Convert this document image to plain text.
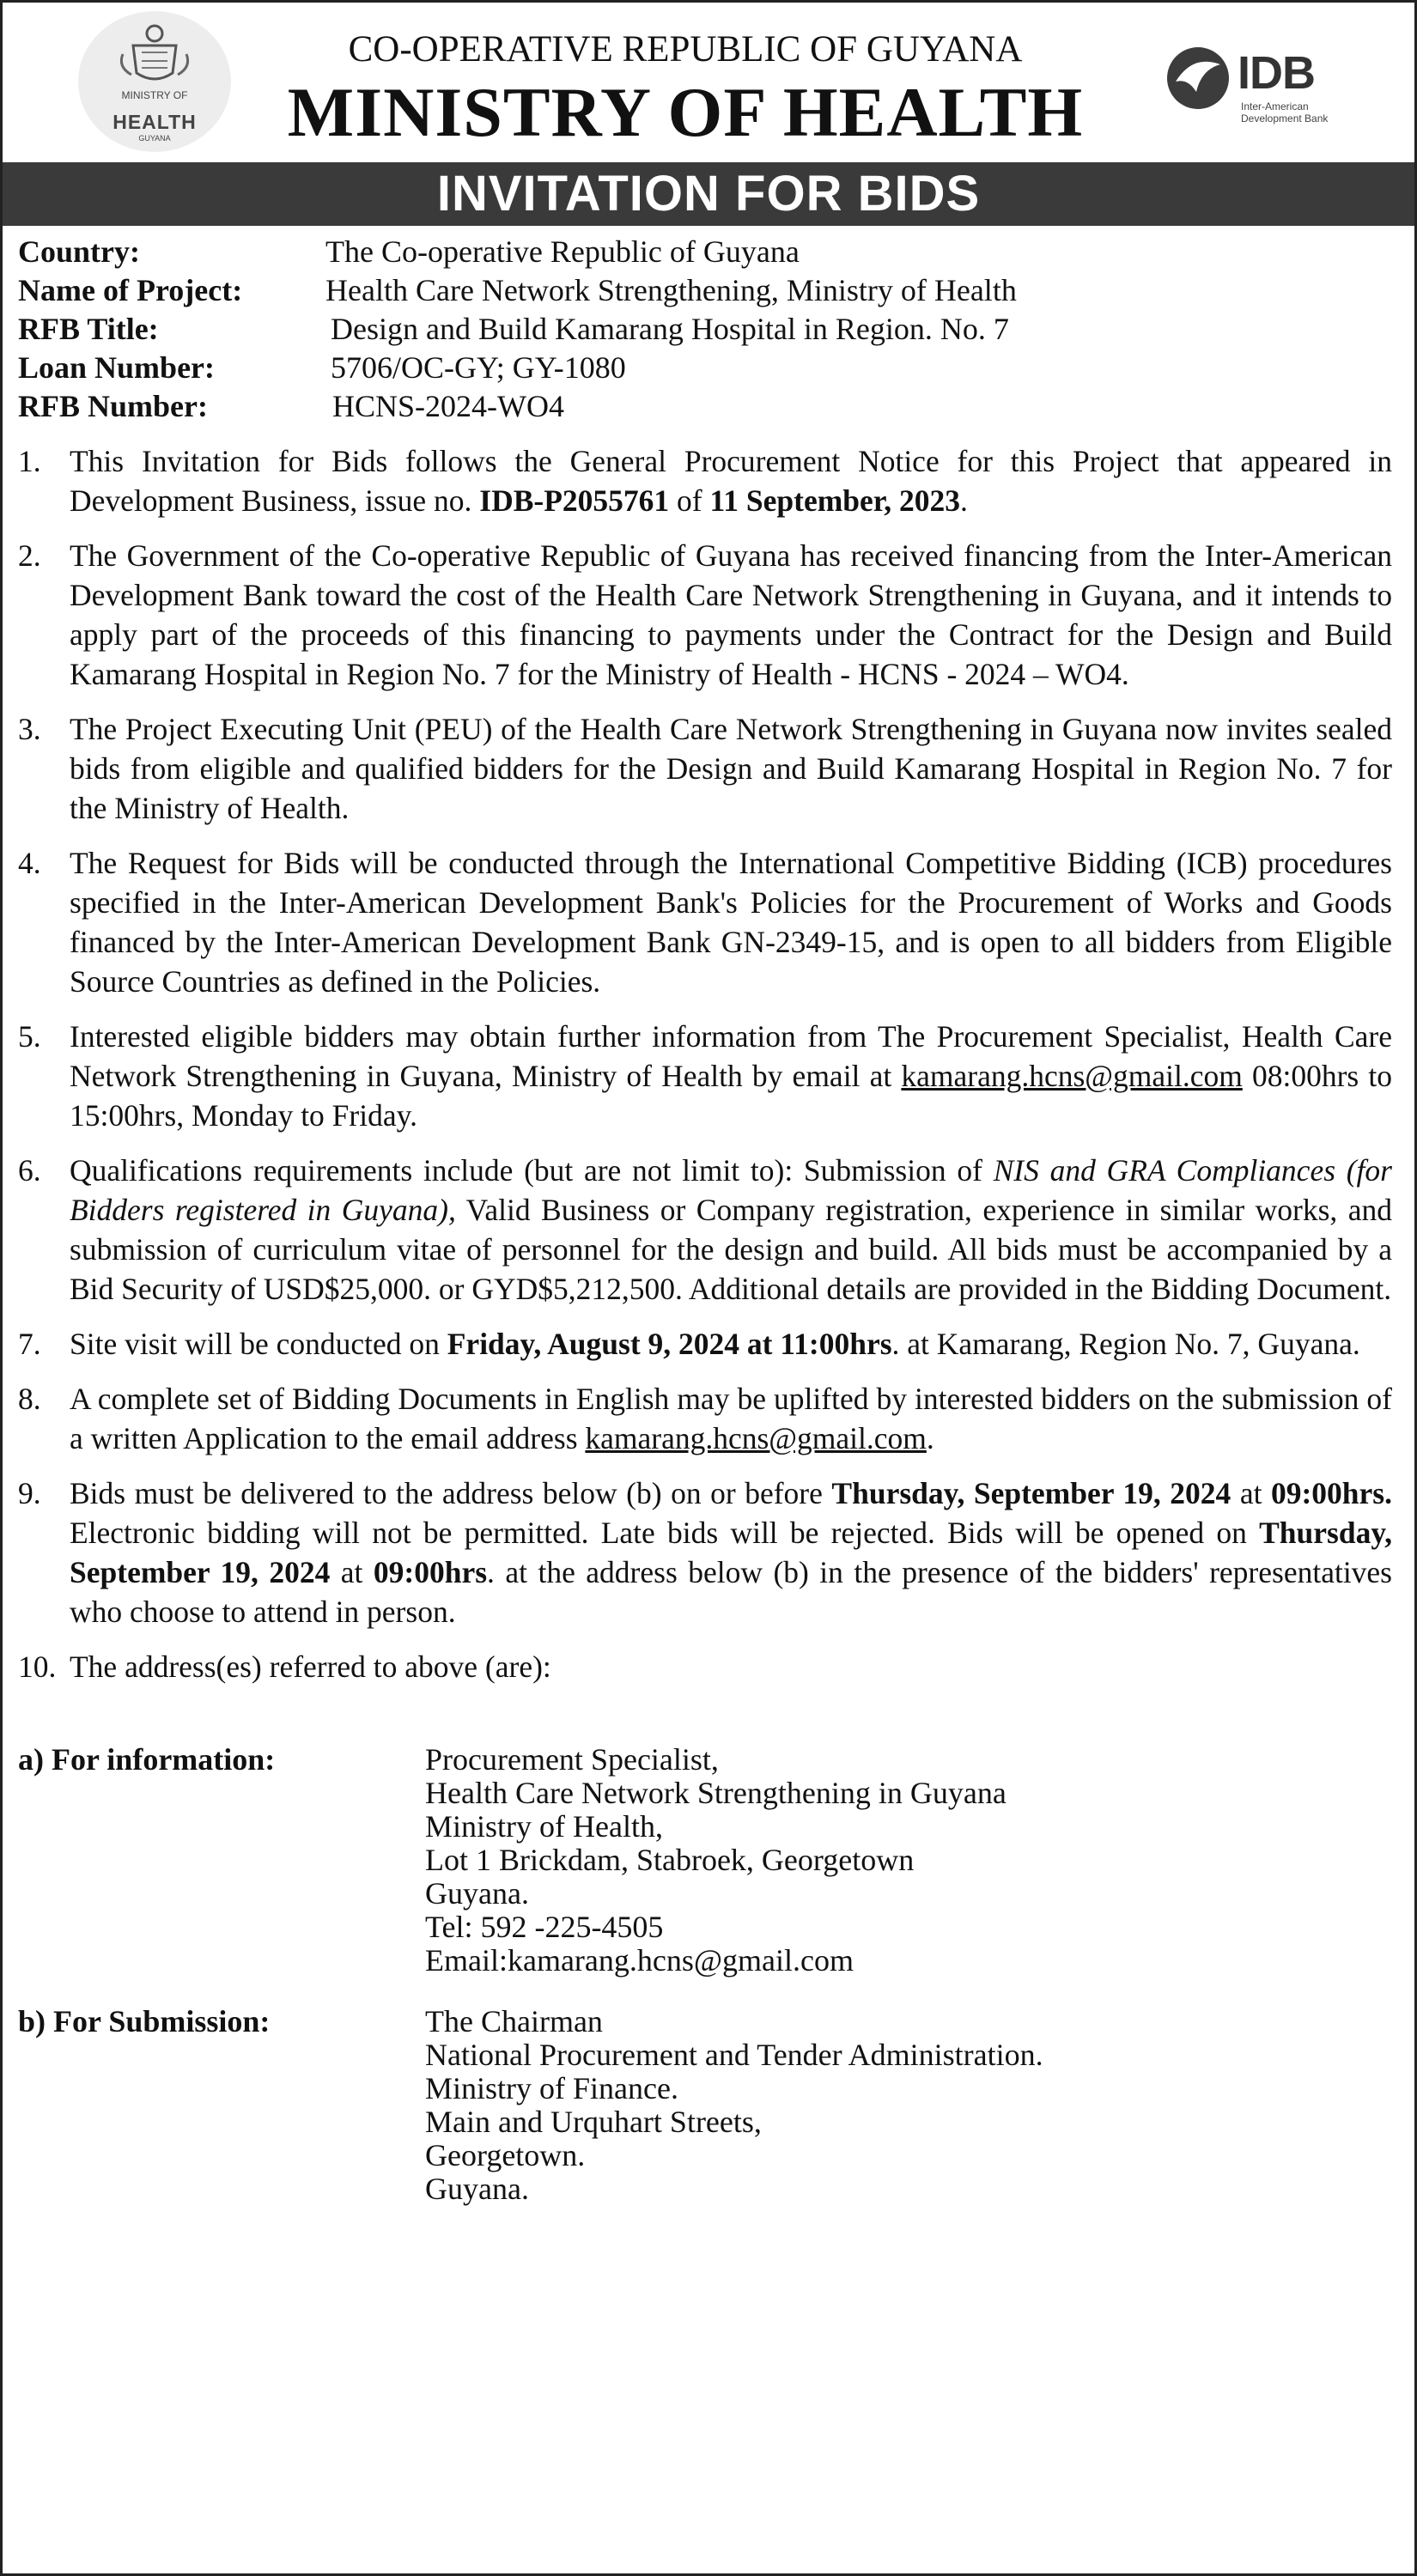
MINISTRY OF
HEALTH
GUYANA
CO-OPERATIVE REPUBLIC OF GUYANA
MINISTRY OF HEALTH	IDB
Inter-American
Development Bank
INVITATION FOR BIDS
Country:	The Co-operative Republic of Guyana
Name of Project:	Health Care Network Strengthening, Ministry of Health
RFB Title:	Design and Build Kamarang Hospital in Region. No. 7
Loan Number:	5706/OC-GY; GY-1080
RFB Number:	HCNS-2024-WO4
1. This Invitation for Bids follows the General Procurement Notice for this Project that appeared in Development Business, issue no. IDB-P2055761 of 11 September, 2023.
2. The Government of the Co-operative Republic of Guyana has received financing from the Inter-American Development Bank toward the cost of the Health Care Network Strengthening in Guyana, and it intends to apply part of the proceeds of this financing to payments under the Contract for the Design and Build Kamarang Hospital in Region No. 7 for the Ministry of Health - HCNS - 2024 – WO4.
3. The Project Executing Unit (PEU) of the Health Care Network Strengthening in Guyana now invites sealed bids from eligible and qualified bidders for the Design and Build Kamarang Hospital in Region No. 7 for the Ministry of Health.
4. The Request for Bids will be conducted through the International Competitive Bidding (ICB) procedures specified in the Inter-American Development Bank's Policies for the Procurement of Works and Goods financed by the Inter-American Development Bank GN-2349-15, and is open to all bidders from Eligible Source Countries as defined in the Policies.
5. Interested eligible bidders may obtain further information from The Procurement Specialist, Health Care Network Strengthening in Guyana, Ministry of Health by email at kamarang.hcns@gmail.com 08:00hrs to 15:00hrs, Monday to Friday.
6. Qualifications requirements include (but are not limit to): Submission of NIS and GRA Compliances (for Bidders registered in Guyana), Valid Business or Company registration, experience in similar works, and submission of curriculum vitae of personnel for the design and build. All bids must be accompanied by a Bid Security of USD$25,000. or GYD$5,212,500. Additional details are provided in the Bidding Document.
7. Site visit will be conducted on Friday, August 9, 2024 at 11:00hrs. at Kamarang, Region No. 7, Guyana.
8. A complete set of Bidding Documents in English may be uplifted by interested bidders on the submission of a written Application to the email address kamarang.hcns@gmail.com.
9. Bids must be delivered to the address below (b) on or before Thursday, September 19, 2024 at 09:00hrs. Electronic bidding will not be permitted. Late bids will be rejected. Bids will be opened on Thursday, September 19, 2024 at 09:00hrs. at the address below (b) in the presence of the bidders' representatives who choose to attend in person.
10. The address(es) referred to above (are):
a) For information:	Procurement Specialist,
Health Care Network Strengthening in Guyana
Ministry of Health,
Lot 1 Brickdam, Stabroek, Georgetown
Guyana.
Tel: 592 -225-4505
Email:kamarang.hcns@gmail.com
b) For Submission:	The Chairman
National Procurement and Tender Administration.
Ministry of Finance.
Main and Urquhart Streets,
Georgetown.
Guyana.
